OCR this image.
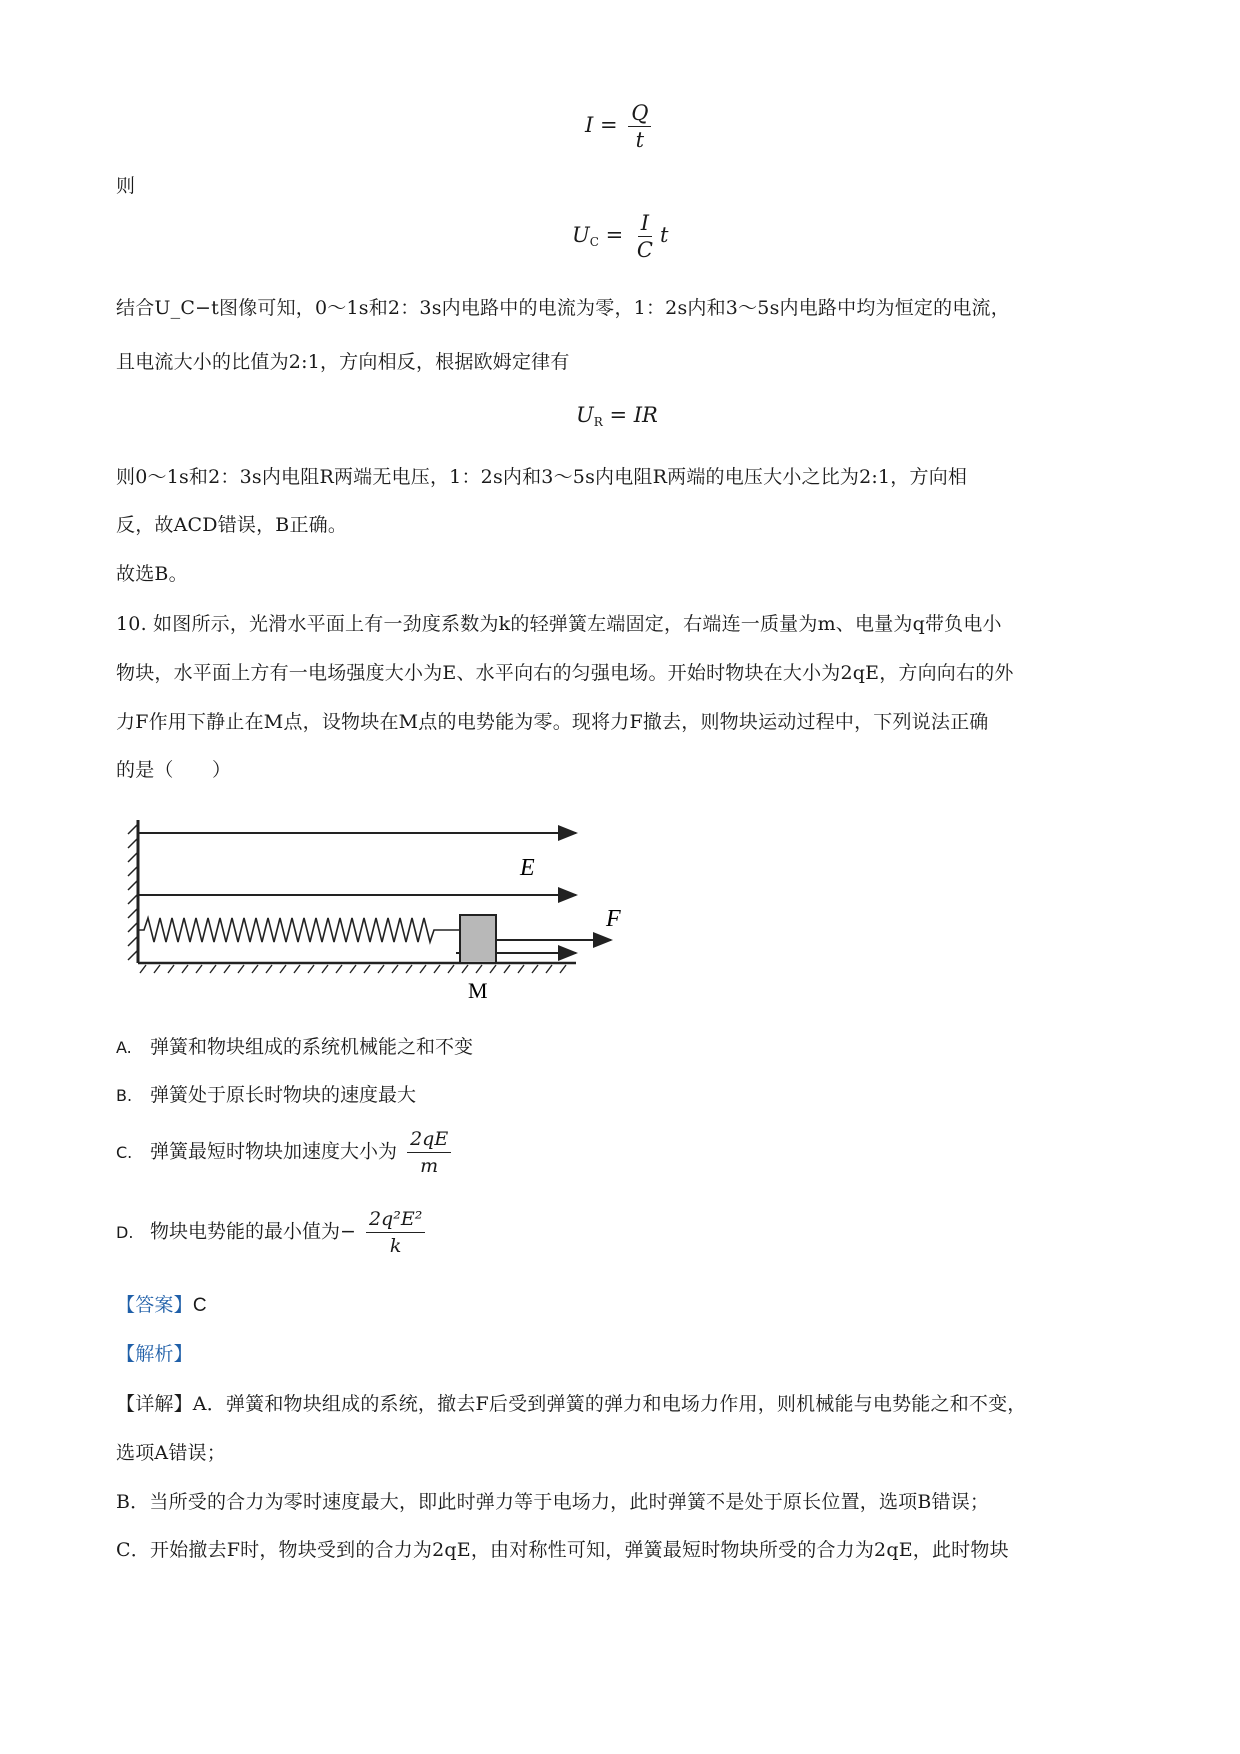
$I = \frac{Q}{t}$
则
$U_C = \frac{I}{C}$ t
结合U_C−t图像可知，0～1s和2：3s内电路中的电流为零，1：2s内和3～5s内电路中均为恒定的电流，
且电流大小的比值为2:1，方向相反，根据欧姆定律有
$U_R$ = IR
则0～1s和2：3s内电阻R两端无电压，1：2s内和3～5s内电阻R两端的电压大小之比为2:1，方向相
反，故ACD错误，B正确。
故选B。
10. 如图所示，光滑水平面上有一劲度系数为k的轻弹簧左端固定，右端连一质量为m、电量为q带负电小
物块，水平面上方有一电场强度大小为E、水平向右的匀强电场。开始时物块在大小为2qE，方向向右的外
力F作用下静止在M点，设物块在M点的电势能为零。现将力F撤去，则物块运动过程中，下列说法正确
的是（　　）
E
F
M
A. 弹簧和物块组成的系统机械能之和不变
B. 弹簧处于原长时物块的速度最大
C. 弹簧最短时物块加速度大小为 $\frac{2qE}{m}$
D. 物块电势能的最小值为− $\frac{\text{2q²E²}}{k}$
【答案】C
【解析】
【详解】A．弹簧和物块组成的系统，撤去F后受到弹簧的弹力和电场力作用，则机械能与电势能之和不变，
选项A错误；
B．当所受的合力为零时速度最大，即此时弹力等于电场力，此时弹簧不是处于原长位置，选项B错误；
C．开始撤去F时，物块受到的合力为2qE，由对称性可知，弹簧最短时物块所受的合力为2qE，此时物块
